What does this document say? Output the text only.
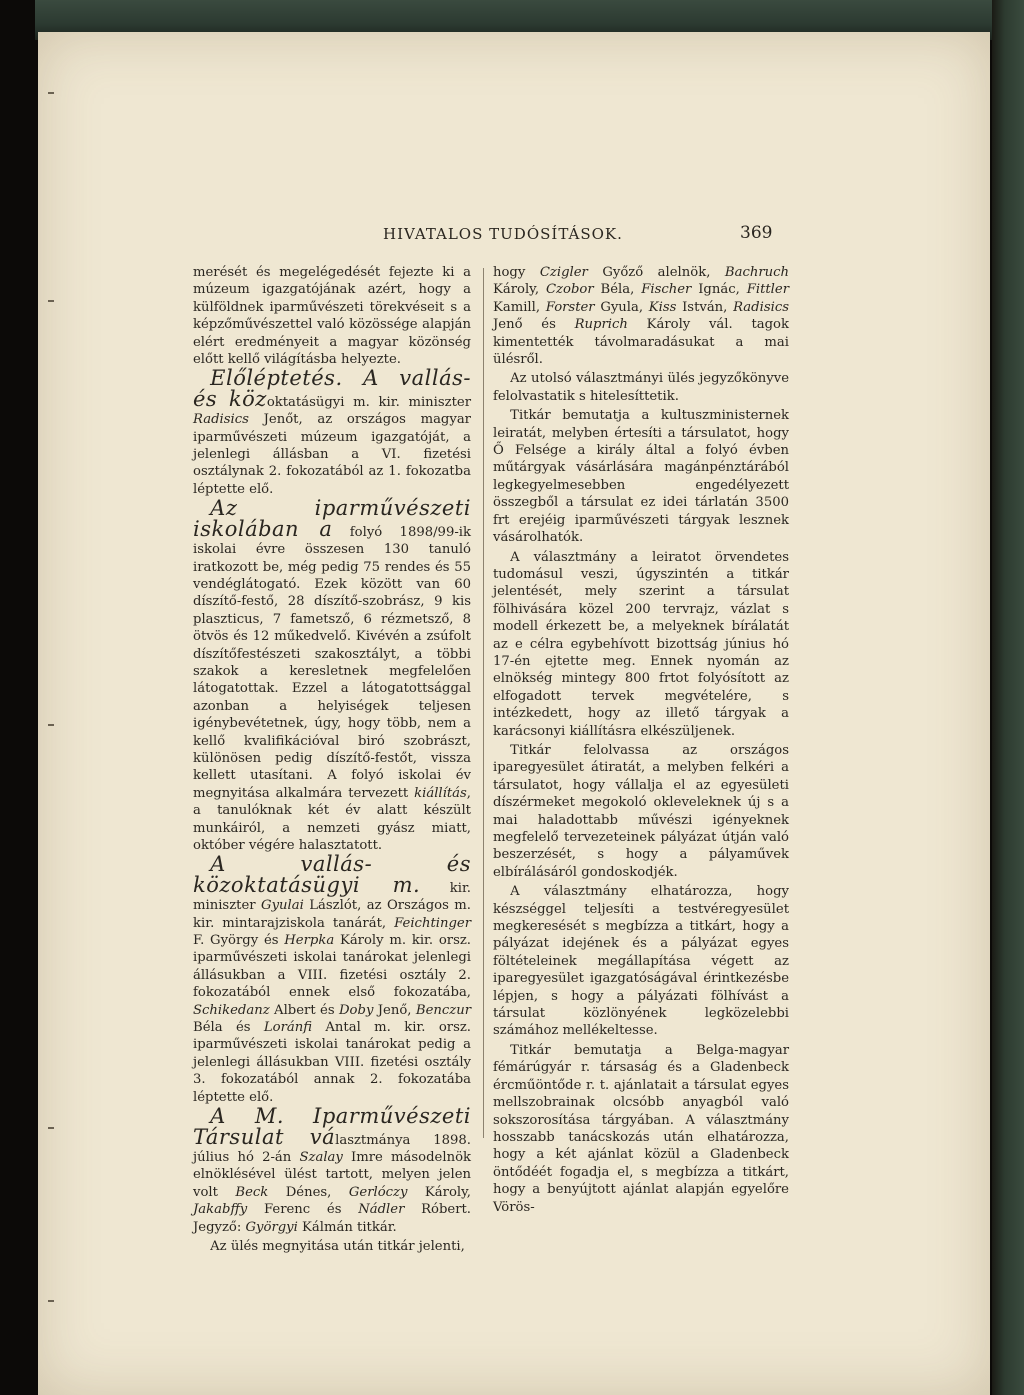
HIVATALOS TUDÓSÍTÁSOK.	369

merését és megelégedését fejezte ki a múzeum igazgatójának azért, hogy a külföldnek iparművészeti törekvéseit s a képzőművészettel való közössége alapján elért eredményeit a magyar közönség előtt kellő világításba helyezte.

Előléptetés. A vallás- és közoktatásügyi m. kir. miniszter Radisics Jenőt, az országos magyar iparművészeti múzeum igazgatóját, a jelenlegi állásban a VI. fizetési osztálynak 2. fokozatából az 1. fokozatba léptette elő.

Az iparművészeti iskolában a folyó 1898/99-ik iskolai évre összesen 130 tanuló iratkozott be, még pedig 75 rendes és 55 vendéglátogató. Ezek között van 60 díszítő-festő, 28 díszítő-szobrász, 9 kis plaszticus, 7 fametsző, 6 rézmetsző, 8 ötvös és 12 műkedvelő. Kivévén a zsúfolt díszítőfestészeti szakosztályt, a többi szakok a keresletnek megfelelően látogatottak. Ezzel a látogatottsággal azonban a helyiségek teljesen igénybevétetnek, úgy, hogy több, nem a kellő kvalifikációval biró szobrászt, különösen pedig díszítő-festőt, vissza kellett utasítani. A folyó iskolai év megnyitása alkalmára tervezett kiállítás, a tanulóknak két év alatt készült munkáiról, a nemzeti gyász miatt, október végére halasztatott.

A vallás- és közoktatásügyi m. kir. miniszter Gyulai Lászlót, az Országos m. kir. mintarajziskola tanárát, Feichtinger F. György és Herpka Károly m. kir. orsz. iparművészeti iskolai tanárokat jelenlegi állásukban a VIII. fizetési osztály 2. fokozatából ennek első fokozatába, Schikedanz Albert és Doby Jenő, Benczur Béla és Loránfi Antal m. kir. orsz. iparművészeti iskolai tanárokat pedig a jelenlegi állásukban VIII. fizetési osztály 3. fokozatából annak 2. fokozatába léptette elő.

A M. Iparművészeti Társulat választmánya 1898. július hó 2-án Szalay Imre másodelnök elnöklésével ülést tartott, melyen jelen volt Beck Dénes, Gerlóczy Károly, Jakabffy Ferenc és Nádler Róbert. Jegyző: Györgyi Kálmán titkár.

Az ülés megnyitása után titkár jelenti,

hogy Czigler Győző alelnök, Bachruch Károly, Czobor Béla, Fischer Ignác, Fittler Kamill, Forster Gyula, Kiss István, Radisics Jenő és Ruprich Károly vál. tagok kimentették távolmaradásukat a mai ülésről.

Az utolsó választmányi ülés jegyzőkönyve felolvastatik s hitelesíttetik.

Titkár bemutatja a kultuszministernek leiratát, melyben értesíti a társulatot, hogy Ő Felsége a király által a folyó évben műtárgyak vásárlására magánpénztárából legkegyelmesebben engedélyezett összegből a társulat ez idei tárlatán 3500 frt erejéig iparművészeti tárgyak lesznek vásárolhatók.

A választmány a leiratot örvendetes tudomásul veszi, úgyszintén a titkár jelentését, mely szerint a társulat fölhivására közel 200 tervrajz, vázlat s modell érkezett be, a melyeknek bírálatát az e célra egybehívott bizottság június hó 17-én ejtette meg. Ennek nyomán az elnökség mintegy 800 frtot folyósított az elfogadott tervek megvételére, s intézkedett, hogy az illető tárgyak a karácsonyi kiállításra elkészüljenek.

Titkár felolvassa az országos iparegyesület átiratát, a melyben felkéri a társulatot, hogy vállalja el az egyesületi díszérmeket megokoló okleveleknek új s a mai haladottabb művészi igényeknek megfelelő tervezeteinek pályázat útján való beszerzését, s hogy a pályaművek elbírálásáról gondoskodjék.

A választmány elhatározza, hogy készséggel teljesíti a testvéregyesület megkeresését s megbízza a titkárt, hogy a pályázat idejének és a pályázat egyes föltételeinek megállapítása végett az iparegyesület igazgatóságával érintkezésbe lépjen, s hogy a pályázati fölhívást a társulat közlönyének legközelebbi számához mellékeltesse.

Titkár bemutatja a Belga-magyar fémárúgyár r. társaság és a Gladenbeck ércműöntőde r. t. ajánlatait a társulat egyes mellszobrainak olcsóbb anyagból való sokszorosítása tárgyában. A választmány hosszabb tanácskozás után elhatározza, hogy a két ajánlat közül a Gladenbeck öntődéét fogadja el, s megbízza a titkárt, hogy a benyújtott ajánlat alapján egyelőre Vörös-
